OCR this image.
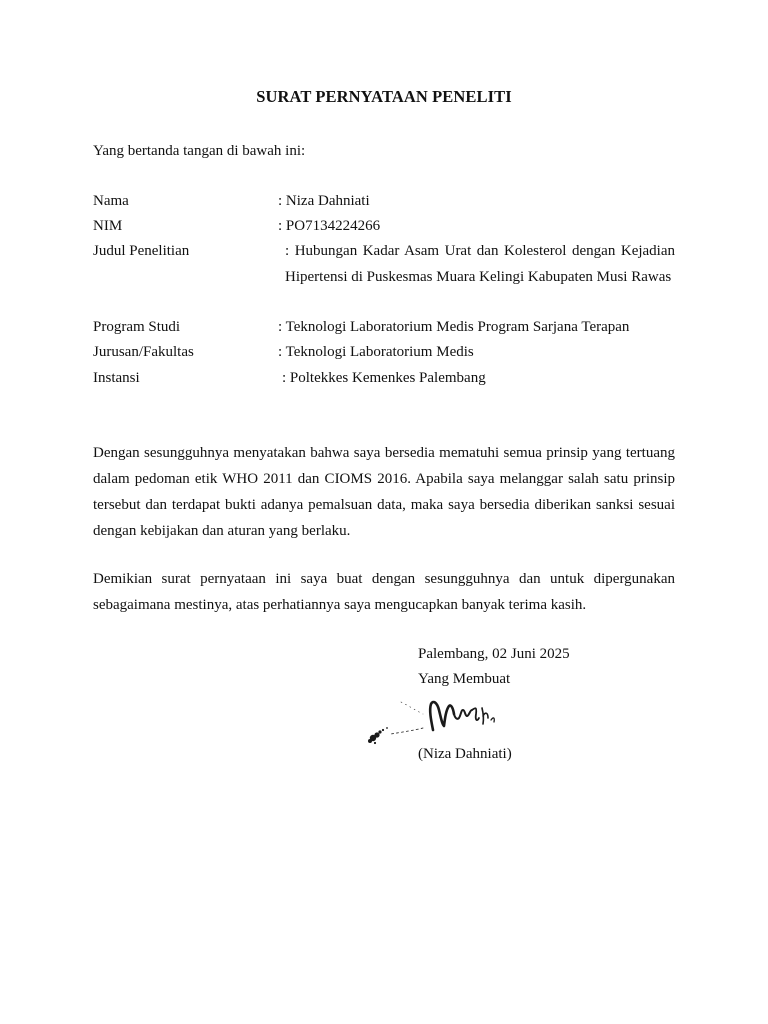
SURAT PERNYATAAN PENELITI
Yang bertanda tangan di bawah ini:
Nama	: Niza Dahniati
NIM	: PO7134224266
Judul Penelitian	: Hubungan Kadar Asam Urat dan Kolesterol dengan Kejadian Hipertensi di Puskesmas Muara Kelingi Kabupaten Musi Rawas
Program Studi	: Teknologi Laboratorium Medis Program Sarjana Terapan
Jurusan/Fakultas	: Teknologi Laboratorium Medis
Instansi	: Poltekkes Kemenkes Palembang
Dengan sesungguhnya menyatakan bahwa saya bersedia mematuhi semua prinsip yang tertuang dalam pedoman etik WHO 2011 dan CIOMS 2016. Apabila saya melanggar salah satu prinsip tersebut dan terdapat bukti adanya pemalsuan data, maka saya bersedia diberikan sanksi sesuai dengan kebijakan dan aturan yang berlaku.
Demikian surat pernyataan ini saya buat dengan sesungguhnya dan untuk dipergunakan sebagaimana mestinya, atas perhatiannya saya mengucapkan banyak terima kasih.
Palembang, 02 Juni 2025
Yang Membuat
(Niza Dahniati)
